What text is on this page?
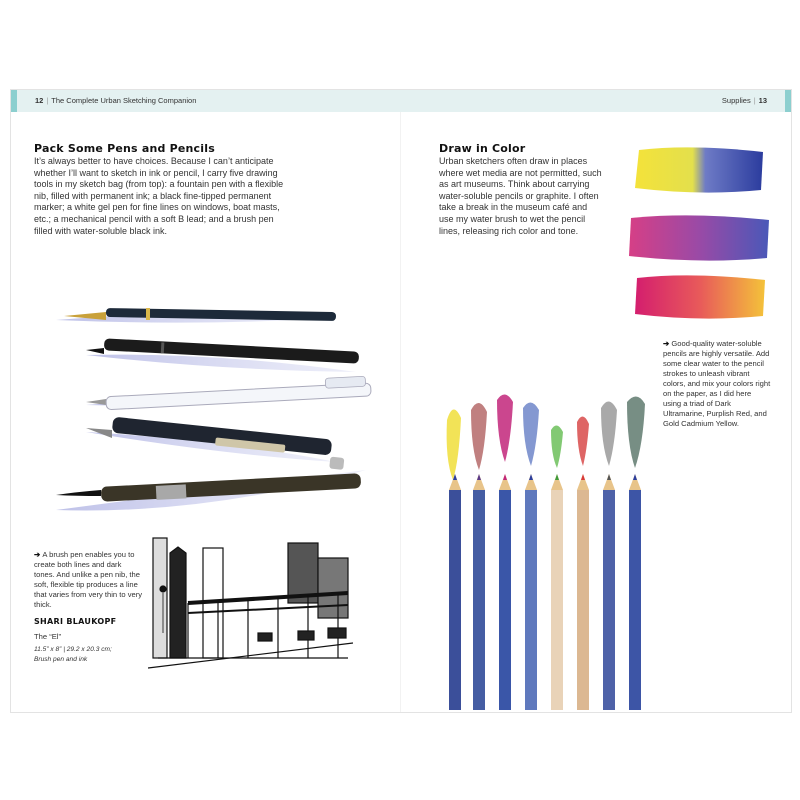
12 | The Complete Urban Sketching Companion
Pack Some Pens and Pencils

It’s always better to have choices. Because I can’t anticipate whether I’ll want to sketch in ink or pencil, I carry five drawing tools in my sketch bag (from top): a fountain pen with a flexible nib, filled with permanent ink; a black fine-tipped permanent marker; a white gel pen for fine lines on windows, boat masts, etc.; a mechanical pencil with a soft B lead; and a brush pen filled with water-soluble black ink.

➔ A brush pen enables you to create both lines and dark tones. And unlike a pen nib, the soft, flexible tip produces a line that varies from very thin to very thick.

SHARI BLAUKOPF
The “El”
11.5” x 8” | 29.2 x 20.3 cm;
Brush pen and ink
Supplies | 13
Draw in Color

Urban sketchers often draw in places where wet media are not permitted, such as art museums. Think about carrying water-soluble pencils or graphite. I often take a break in the museum café and use my water brush to wet the pencil lines, releasing rich color and tone.

➔ Good-quality water-soluble pencils are highly versatile. Add some clear water to the pencil strokes to unleash vibrant colors, and mix your colors right on the paper, as I did here using a triad of Dark Ultramarine, Purplish Red, and Gold Cadmium Yellow.
